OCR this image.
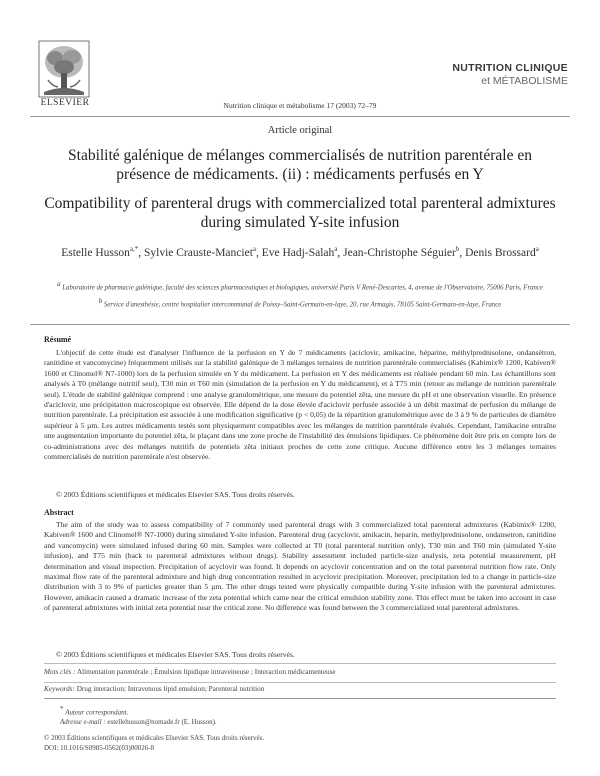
ELSEVIER	Nutrition clinique et métabolisme 17 (2003) 72–79
NUTRITION CLINIQUE
et MÉTABOLISME
Article original
Stabilité galénique de mélanges commercialisés de nutrition parentérale en présence de médicaments. (ii) : médicaments perfusés en Y
Compatibility of parenteral drugs with commercialized total parenteral admixtures during simulated Y-site infusion
Estelle Husson$^{a,*}$, Sylvie Crauste-Manciet$^a$, Eve Hadj-Salah$^a$, Jean-Christophe Séguier$^b$, Denis Brossard$^a$
$^a$ Laboratoire de pharmacie galénique, faculté des sciences pharmaceutiques et biologiques, université Paris V René-Descartes, 4, avenue de l'Observatoire, 75006 Paris, France
$^b$ Service d'anesthésie, centre hospitalier intercommunal de Poissy–Saint-Germain-en-laye, 20, rue Armagis, 78105 Saint-Germain-en-laye, France
Résumé
L'objectif de cette étude est d'analyser l'influence de la perfusion en Y de 7 médicaments (aciclovir, amikacine, héparine, méthylprednisolone, ondansétron, ranitidine et vancomycine) fréquemment utilisés sur la stabilité galénique de 3 mélanges ternaires de nutrition parentérale commercialisés (Kabimix® 1200, Kabiven® 1600 et Clinomel® N7-1000) lors de la perfusion simulée en Y du médicament. La perfusion en Y des médicaments est réalisée pendant 60 min. Les échantillons sont analysés à T0 (mélange nutritif seul), T30 min et T60 min (simulation de la perfusion en Y du médicament), et à T75 min (retour au mélange de nutrition parentérale seul). L'étude de stabilité galénique comprend : une analyse granulométrique, une mesure du potentiel zêta, une mesure du pH et une observation visuelle. En présence d'aciclovir, une précipitation macroscopique est observée. Elle dépend de la dose élevée d'aciclovir perfusée associée à un débit maximal de perfusion du mélange de nutrition parentérale. La précipitation est associée à une modification significative (p < 0,05) de la répartition granulométrique avec de 3 à 9 % de particules de diamètre supérieur à 5 µm. Les autres médicaments testés sont physiquement compatibles avec les mélanges de nutrition parentérale évalués. Cependant, l'amikacine entraîne une augmentation importante du potentiel zêta, le plaçant dans une zone proche de l'instabilité des émulsions lipidiques. Ce phénomène doit être pris en compte lors de co-administrations avec des mélanges nutritifs de potentiels zêta initiaux proches de cette zone critique. Aucune différence entre les 3 mélanges ternaires commercialisés de nutrition parentérale n'est observée.
© 2003 Éditions scientifiques et médicales Elsevier SAS. Tous droits réservés.
Abstract
The aim of the study was to assess compatibility of 7 commonly used parenteral drugs with 3 commercialized total parenteral admixtures (Kabimix® 1200, Kabiven® 1600 and Clinomel® N7-1000) during simulated Y-site infusion. Parenteral drug (acyclovir, amikacin, heparin, methylprednisolone, ondansetron, ranitidine and vancomycin) were simulated infused during 60 min. Samples were collected at T0 (total parenteral nutrition only), T30 min and T60 min (simulated Y-site infusion), and T75 min (back to parenteral admixtures without drugs). Stability assessment included particle-size analysis, zeta potential measurement, pH determination and visual inspection. Precipitation of acyclovir was found. It depends on acyclovir concentration and on the total parenteral nutrition flow rate. Only maximal flow rate of the parenteral admixture and high drug concentration resulted in acyclovir precipitation. Moreover, precipitation led to a change in particle-size distribution with 3 to 9% of particles greater than 5 µm. The other drugs tested were physically compatible during Y-site infusion with the parenteral admixtures. However, amikacin caused a dramatic increase of the zeta potential which came near the critical emulsion stability zone. This effect must be taken into account in case of parenteral admixtures with initial zeta potential near the critical zone. No difference was found between the 3 commercialized total parenteral admixtures.
© 2003 Éditions scientifiques et médicales Elsevier SAS. Tous droits réservés.
Mots clés : Alimentation parentérale ; Émulsion lipidique intraveineuse ; Interaction médicamenteuse
Keywords: Drug interaction; Intravenous lipid emulsion; Parenteral nutrition
* Auteur correspondant.
Adresse e-mail : estellehusson@nomade.fr (E. Husson).
© 2003 Éditions scientifiques et médicales Elsevier SAS. Tous droits réservés.
DOI: 10.1016/S0985-0562(03)00026-8
